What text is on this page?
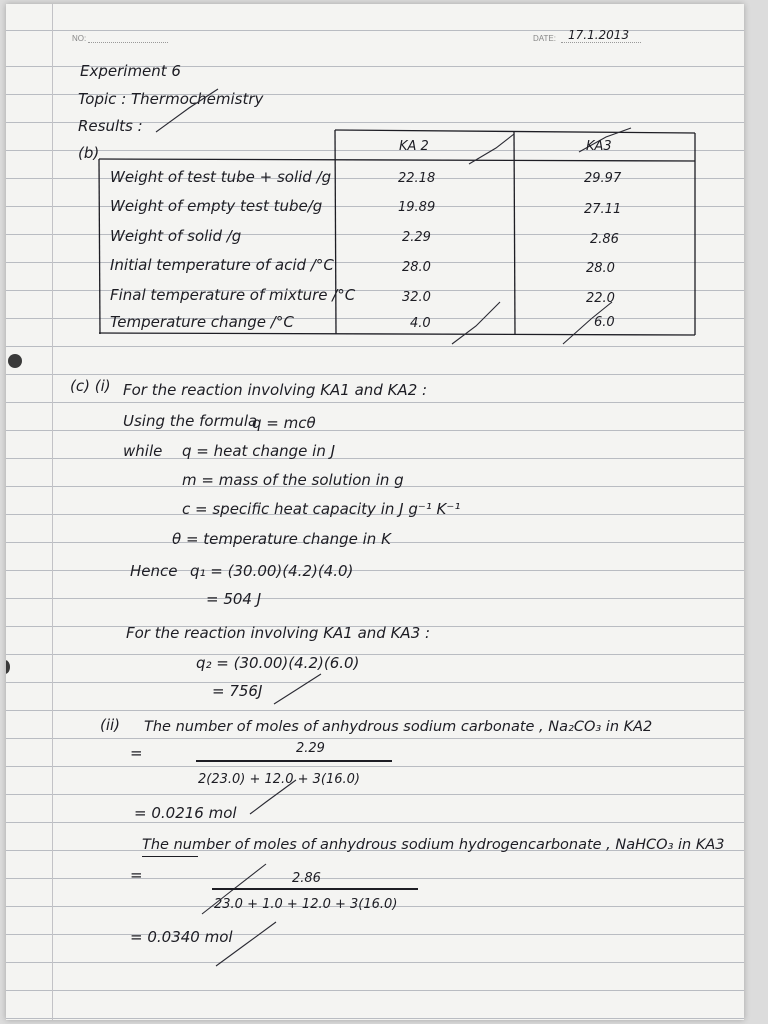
NO:	DATE: 17.1.2013
Experiment 6
Topic : Thermochemistry
Results :
(b)	KA 2	KA3
Weight of test tube + solid /g	22.18	29.97
Weight of empty test tube/g	19.89	27.11
Weight of solid /g	2.29	2.86
Initial temperature of acid /°C	28.0	28.0
Final temperature of mixture /°C	32.0	22.0
Temperature change /°C	4.0	6.0
(c) (i) For the reaction involving KA1 and KA2 :
Using the formula
q = mcθ
while q = heat change in J
m = mass of the solution in g
c = specific heat capacity in J g⁻¹ K⁻¹
θ = temperature change in K
Hence q₁ = (30.00)(4.2)(4.0)
= 504 J
For the reaction involving KA1 and KA3 :
q₂ = (30.00)(4.2)(6.0)
= 756J
(ii) The number of moles of anhydrous sodium carbonate , Na₂CO₃ in KA2
=	2.29
2(23.0) + 12.0 + 3(16.0)
= 0.0216 mol
The number of moles of anhydrous sodium hydrogencarbonate , NaHCO₃ in KA3
=	2.86
23.0 + 1.0 + 12.0 + 3(16.0)
= 0.0340 mol
